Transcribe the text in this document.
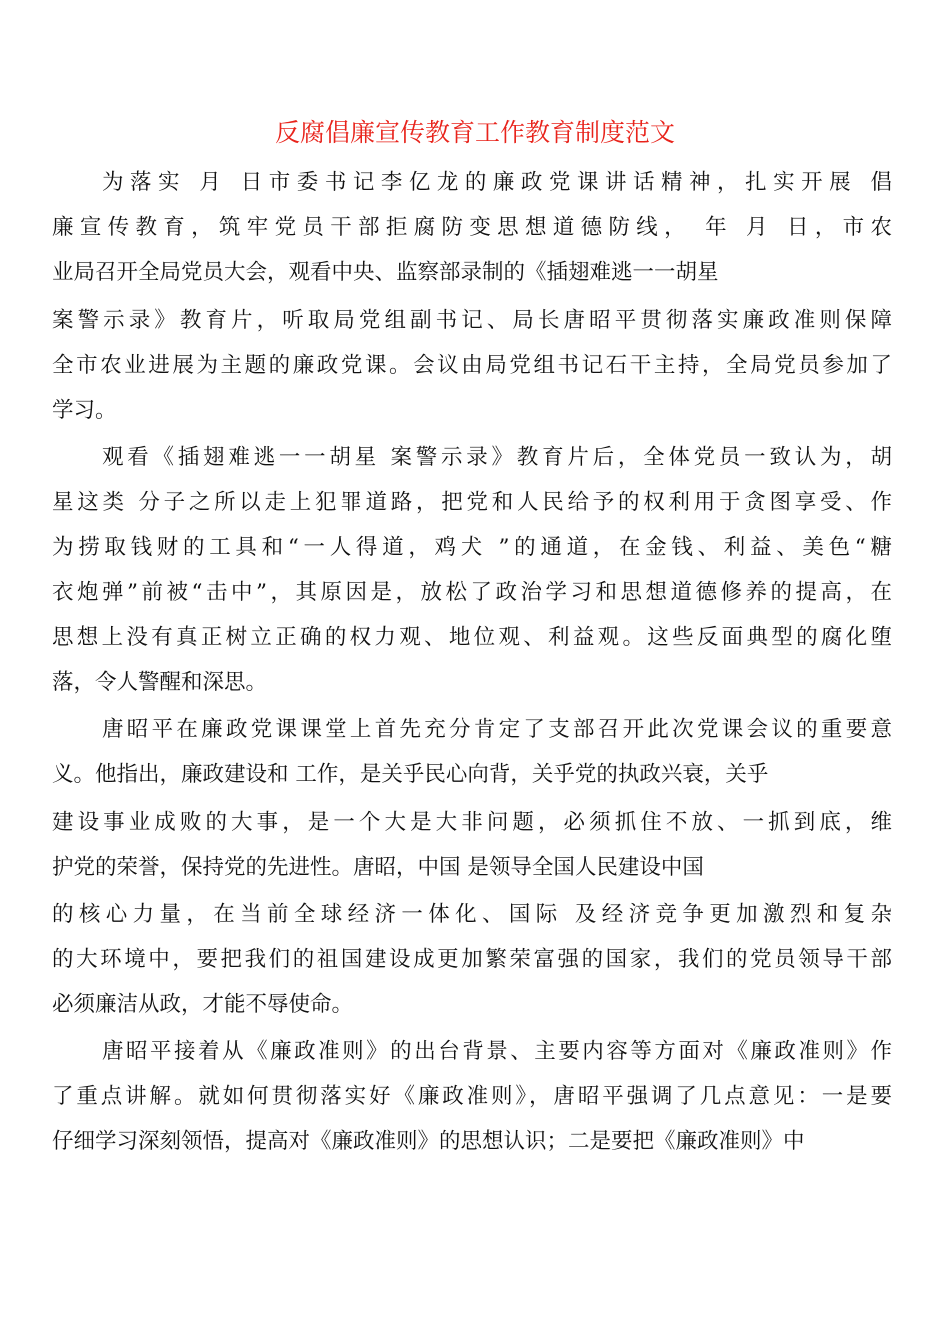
反腐倡廉宣传教育工作教育制度范文
为落实 月 日市委书记李亿龙的廉政党课讲话精神，扎实开展 倡
廉宣传教育，筑牢党员干部拒腐防变思想道德防线， 年 月 日，市农
业局召开全局党员大会，观看中央、监察部录制的《插翅难逃一一胡星
案警示录》教育片，听取局党组副书记、局长唐昭平贯彻落实廉政准则保障
全市农业进展为主题的廉政党课。会议由局党组书记石干主持，全局党员参加了
学习。
观看《插翅难逃一一胡星 案警示录》教育片后，全体党员一致认为，胡
星这类 分子之所以走上犯罪道路，把党和人民给予的权利用于贪图享受、作
为捞取钱财的工具和“一人得道，鸡犬 ”的通道，在金钱、利益、美色“糖
衣炮弹”前被“击中”，其原因是，放松了政治学习和思想道德修养的提高，在
思想上没有真正树立正确的权力观、地位观、利益观。这些反面典型的腐化堕
落，令人警醒和深思。
唐昭平在廉政党课课堂上首先充分肯定了支部召开此次党课会议的重要意
义。他指出，廉政建设和 工作，是关乎民心向背，关乎党的执政兴衰，关乎
建设事业成败的大事，是一个大是大非问题，必须抓住不放、一抓到底，维
护党的荣誉，保持党的先进性。唐昭，中国 是领导全国人民建设中国
的核心力量，在当前全球经济一体化、国际 及经济竞争更加激烈和复杂
的大环境中，要把我们的祖国建设成更加繁荣富强的国家，我们的党员领导干部
必须廉洁从政，才能不辱使命。
唐昭平接着从《廉政准则》的出台背景、主要内容等方面对《廉政准则》作
了重点讲解。就如何贯彻落实好《廉政准则》，唐昭平强调了几点意见：一是要
仔细学习深刻领悟，提高对《廉政准则》的思想认识；二是要把《廉政准则》中
